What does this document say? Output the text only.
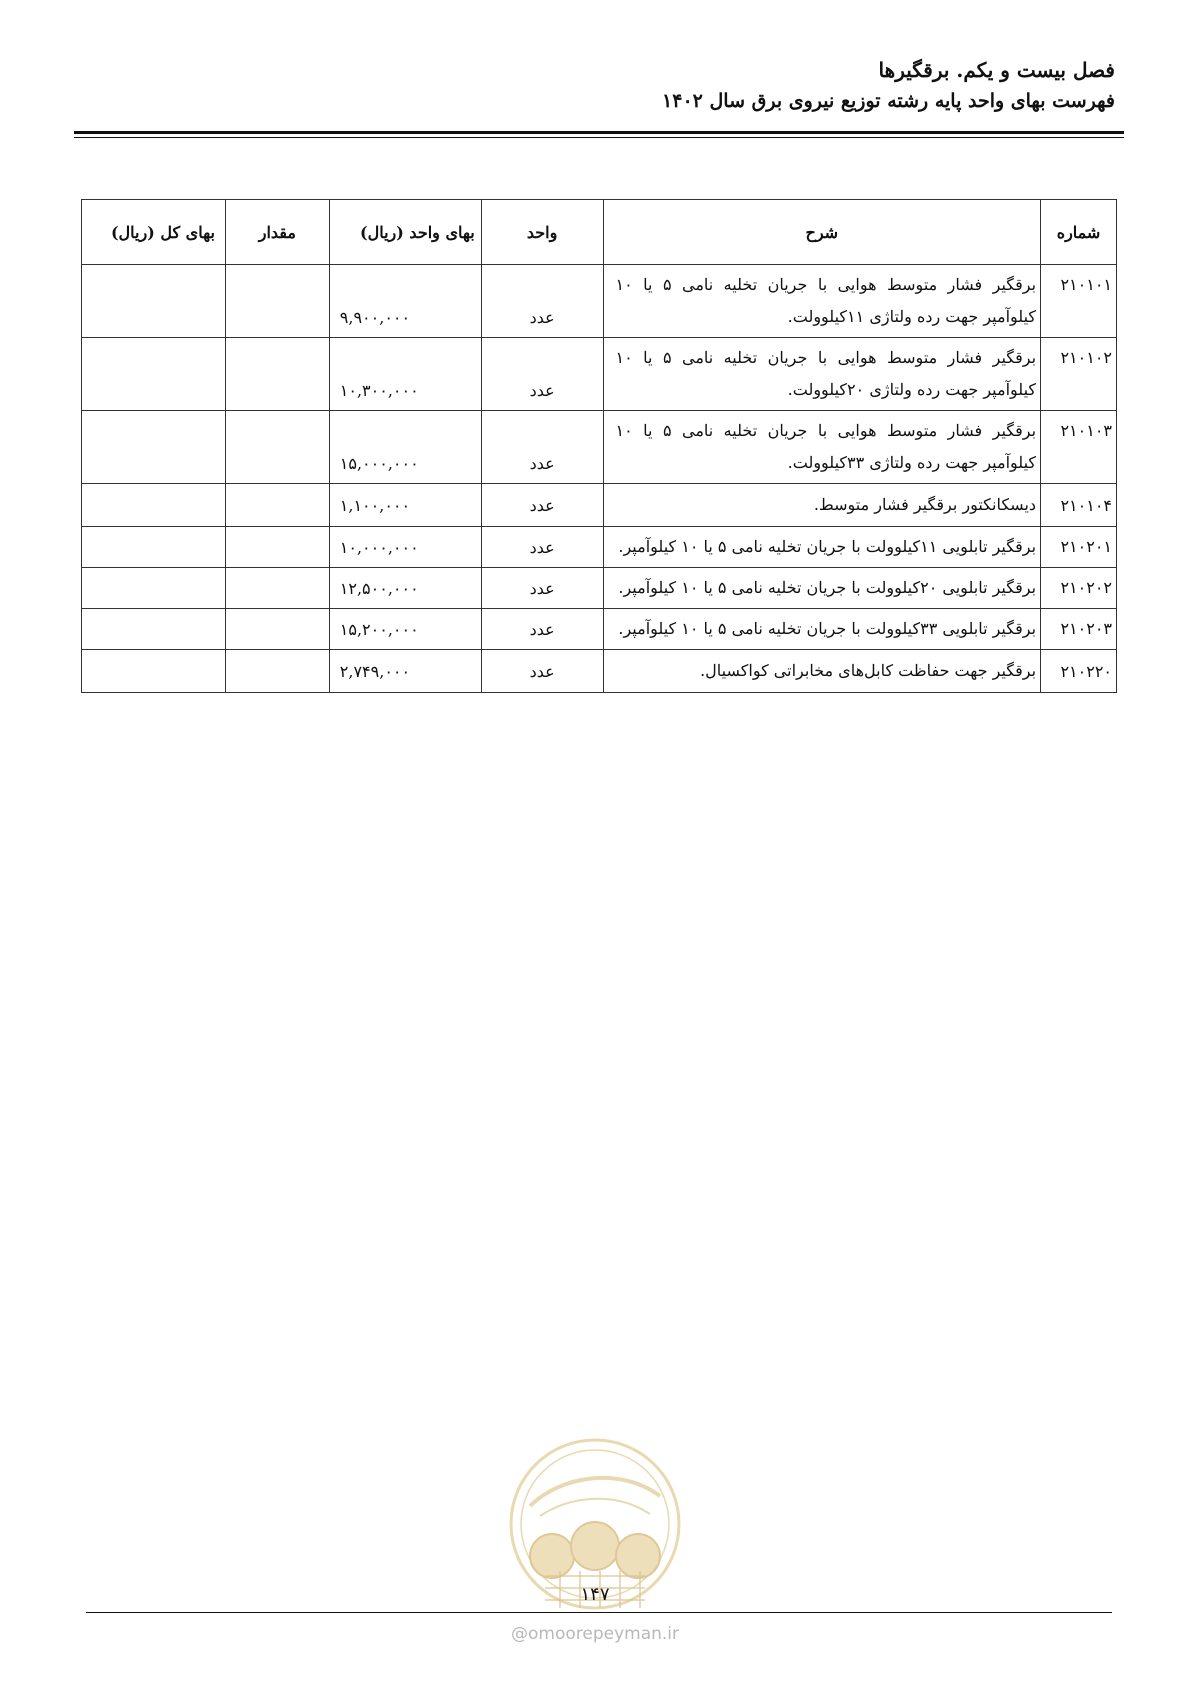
فصل بیست و یکم. برقگیرها
فهرست بهای واحد پایه رشته توزیع نیروی برق سال ۱۴۰۲
شماره	شرح	واحد	بهای واحد (ریال)	مقدار	بهای کل (ریال)
۲۱۰۱۰۱	برقگیر فشار متوسط هوایی با جریان تخلیه نامی ۵ یا ۱۰ کیلوآمپر جهت رده ولتاژی ۱۱کیلوولت.	عدد	۹,۹۰۰,۰۰۰		
۲۱۰۱۰۲	برقگیر فشار متوسط هوایی با جریان تخلیه نامی ۵ یا ۱۰ کیلوآمپر جهت رده ولتاژی ۲۰کیلوولت.	عدد	۱۰,۳۰۰,۰۰۰		
۲۱۰۱۰۳	برقگیر فشار متوسط هوایی با جریان تخلیه نامی ۵ یا ۱۰ کیلوآمپر جهت رده ولتاژی ۳۳کیلوولت.	عدد	۱۵,۰۰۰,۰۰۰		
۲۱۰۱۰۴	دیسکانکتور برقگیر فشار متوسط.	عدد	۱,۱۰۰,۰۰۰		
۲۱۰۲۰۱	برقگیر تابلویی ۱۱کیلوولت با جریان تخلیه نامی ۵ یا ۱۰ کیلوآمپر.	عدد	۱۰,۰۰۰,۰۰۰		
۲۱۰۲۰۲	برقگیر تابلویی ۲۰کیلوولت با جریان تخلیه نامی ۵ یا ۱۰ کیلوآمپر.	عدد	۱۲,۵۰۰,۰۰۰		
۲۱۰۲۰۳	برقگیر تابلویی ۳۳کیلوولت با جریان تخلیه نامی ۵ یا ۱۰ کیلوآمپر.	عدد	۱۵,۲۰۰,۰۰۰		
۲۱۰۲۲۰	برقگیر جهت حفاظت کابل‌های مخابراتی کواکسیال.	عدد	۲,۷۴۹,۰۰۰		
۱۴۷
@omoorepeyman.ir
